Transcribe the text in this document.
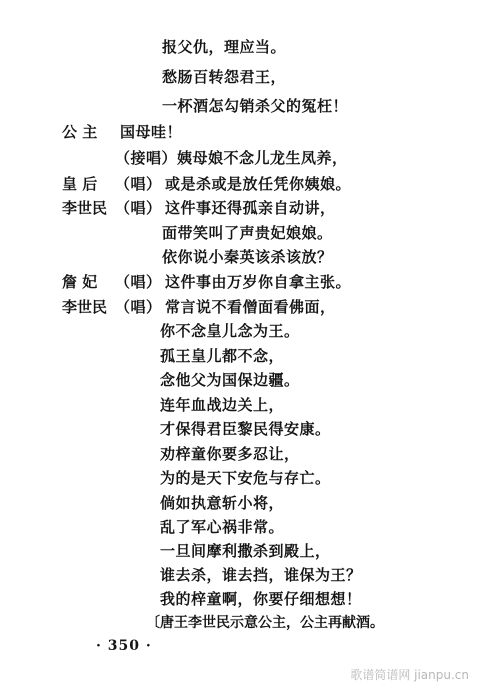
报父仇，理应当。
愁肠百转怨君王，
一杯酒怎勾销杀父的冤枉！
公 主 国母哇！
（接唱） 姨母娘不念儿龙生凤养，
皇 后 （唱） 或是杀或是放任凭你姨娘。
李世民 （唱） 这件事还得孤亲自动讲，
面带笑叫了声贵妃娘娘。
依你说小秦英该杀该放？
詹 妃 （唱） 这件事由万岁你自拿主张。
李世民 （唱） 常言说不看僧面看佛面，
你不念皇儿念为王。
孤王皇儿都不念，
念他父为国保边疆。
连年血战边关上，
才保得君臣黎民得安康。
劝梓童你要多忍让，
为的是天下安危与存亡。
倘如执意斩小将，
乱了军心祸非常。
一旦间摩利撒杀到殿上，
谁去杀，谁去挡，谁保为王？
我的梓童啊，你要仔细想想！
〔唐王李世民示意公主，公主再献酒。
· 350 ·
歌谱简谱网 jianpu.cn
